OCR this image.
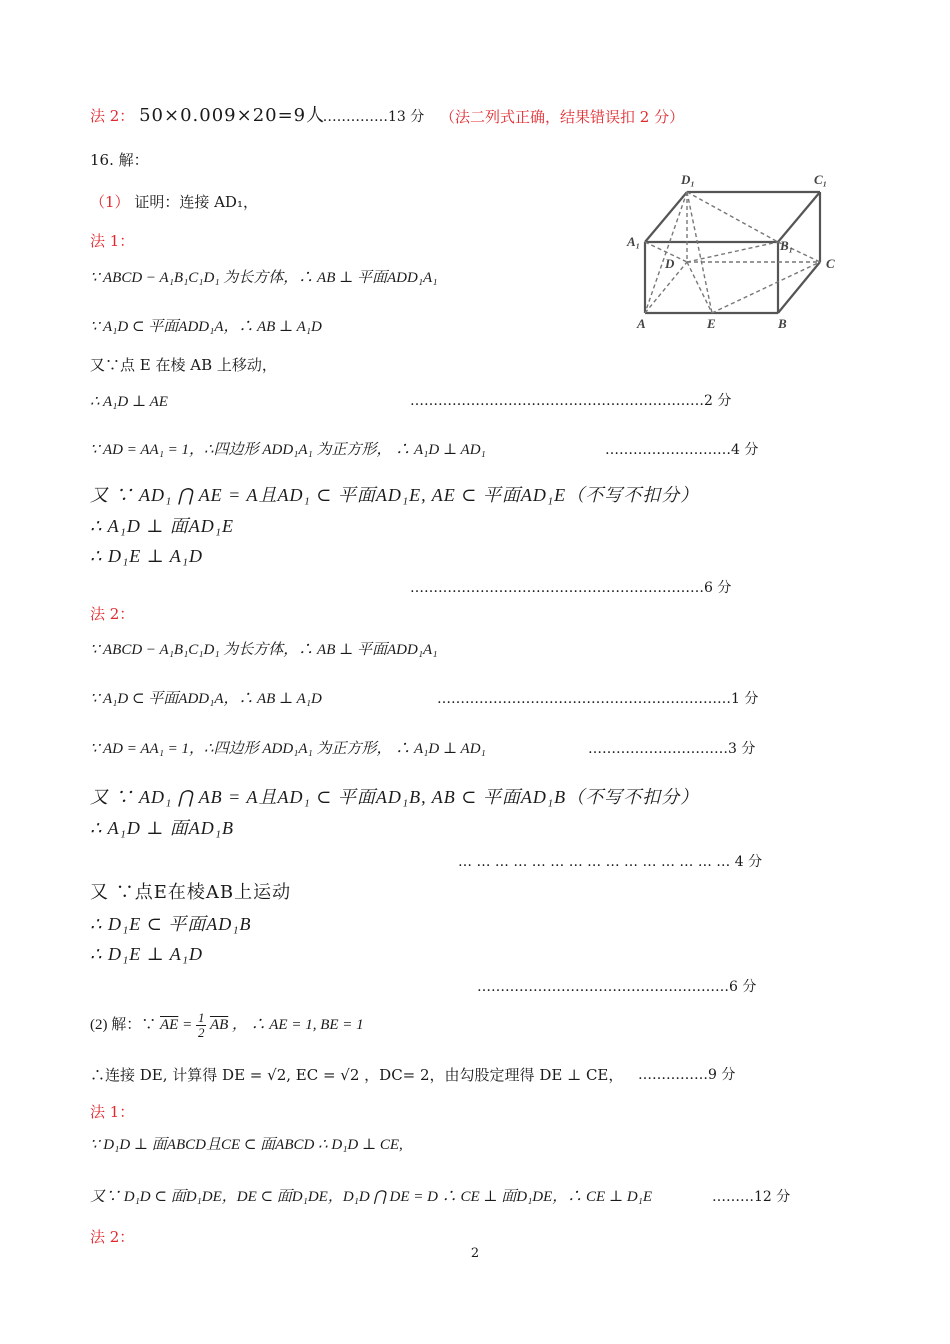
法 2： 50×0.009×20=9人
……………13 分 （法二列式正确，结果错误扣 2 分）
16. 解：
（1） 证明：连接 AD₁，
法 1：
∵ ABCD − A₁B₁C₁D₁ 为长方体，∴ AB ⊥ 平面ADD₁A₁
∵ A₁D ⊂ 平面ADD₁A，∴ AB ⊥ A₁D
又∵点 E 在棱 AB 上移动，
∴ A₁D ⊥ AE	………………………………………………………2 分
∵ AD = AA₁ = 1，∴四边形 ADD₁A₁ 为正方形， ∴ A₁D ⊥ AD₁	………………………4 分
又 ∵ AD₁ ⋂ AE = A且AD₁ ⊂ 平面AD₁E, AE ⊂ 平面AD₁E（不写不扣分）
∴ A₁D ⊥ 面AD₁E
∴ D₁E ⊥ A₁D
………………………………………………………6 分
法 2：
∵ ABCD − A₁B₁C₁D₁ 为长方体，∴ AB ⊥ 平面ADD₁A₁
∵ A₁D ⊂ 平面ADD₁A，∴ AB ⊥ A₁D	………………………………………………………1 分
∵ AD = AA₁ = 1，∴四边形 ADD₁A₁ 为正方形， ∴ A₁D ⊥ AD₁	…………………………3 分
又 ∵ AD₁ ⋂ AB = A且AD₁ ⊂ 平面AD₁B, AB ⊂ 平面AD₁B（不写不扣分）
∴ A₁D ⊥ 面AD₁B
… … … … … … … … … … … … … … … 4 分
又 ∵点E在棱AB上运动
∴ D₁E ⊂ 平面AD₁B
∴ D₁E ⊥ A₁D
………………………………………………6 分
(2) 解：∵ $\overline{AE} = \frac{1}{2} \overline{AB}$ ， ∴ AE = 1, BE = 1
∴连接 DE, 计算得 DE = √2, EC = √2 ，DC= 2，由勾股定理得 DE ⊥ CE， ……………9 分
法 1：
∵ D₁D ⊥ 面ABCD且CE ⊂ 面ABCD ∴ D₁D ⊥ CE,
又∵ D₁D ⊂ 面D₁DE，DE ⊂ 面D₁DE，D₁D ⋂ DE = D ∴ CE ⊥ 面D₁DE，∴ CE ⊥ D₁E	………12 分
法 2：
2
D₁	C₁
A₁	B₁
D	C
A	E	B
